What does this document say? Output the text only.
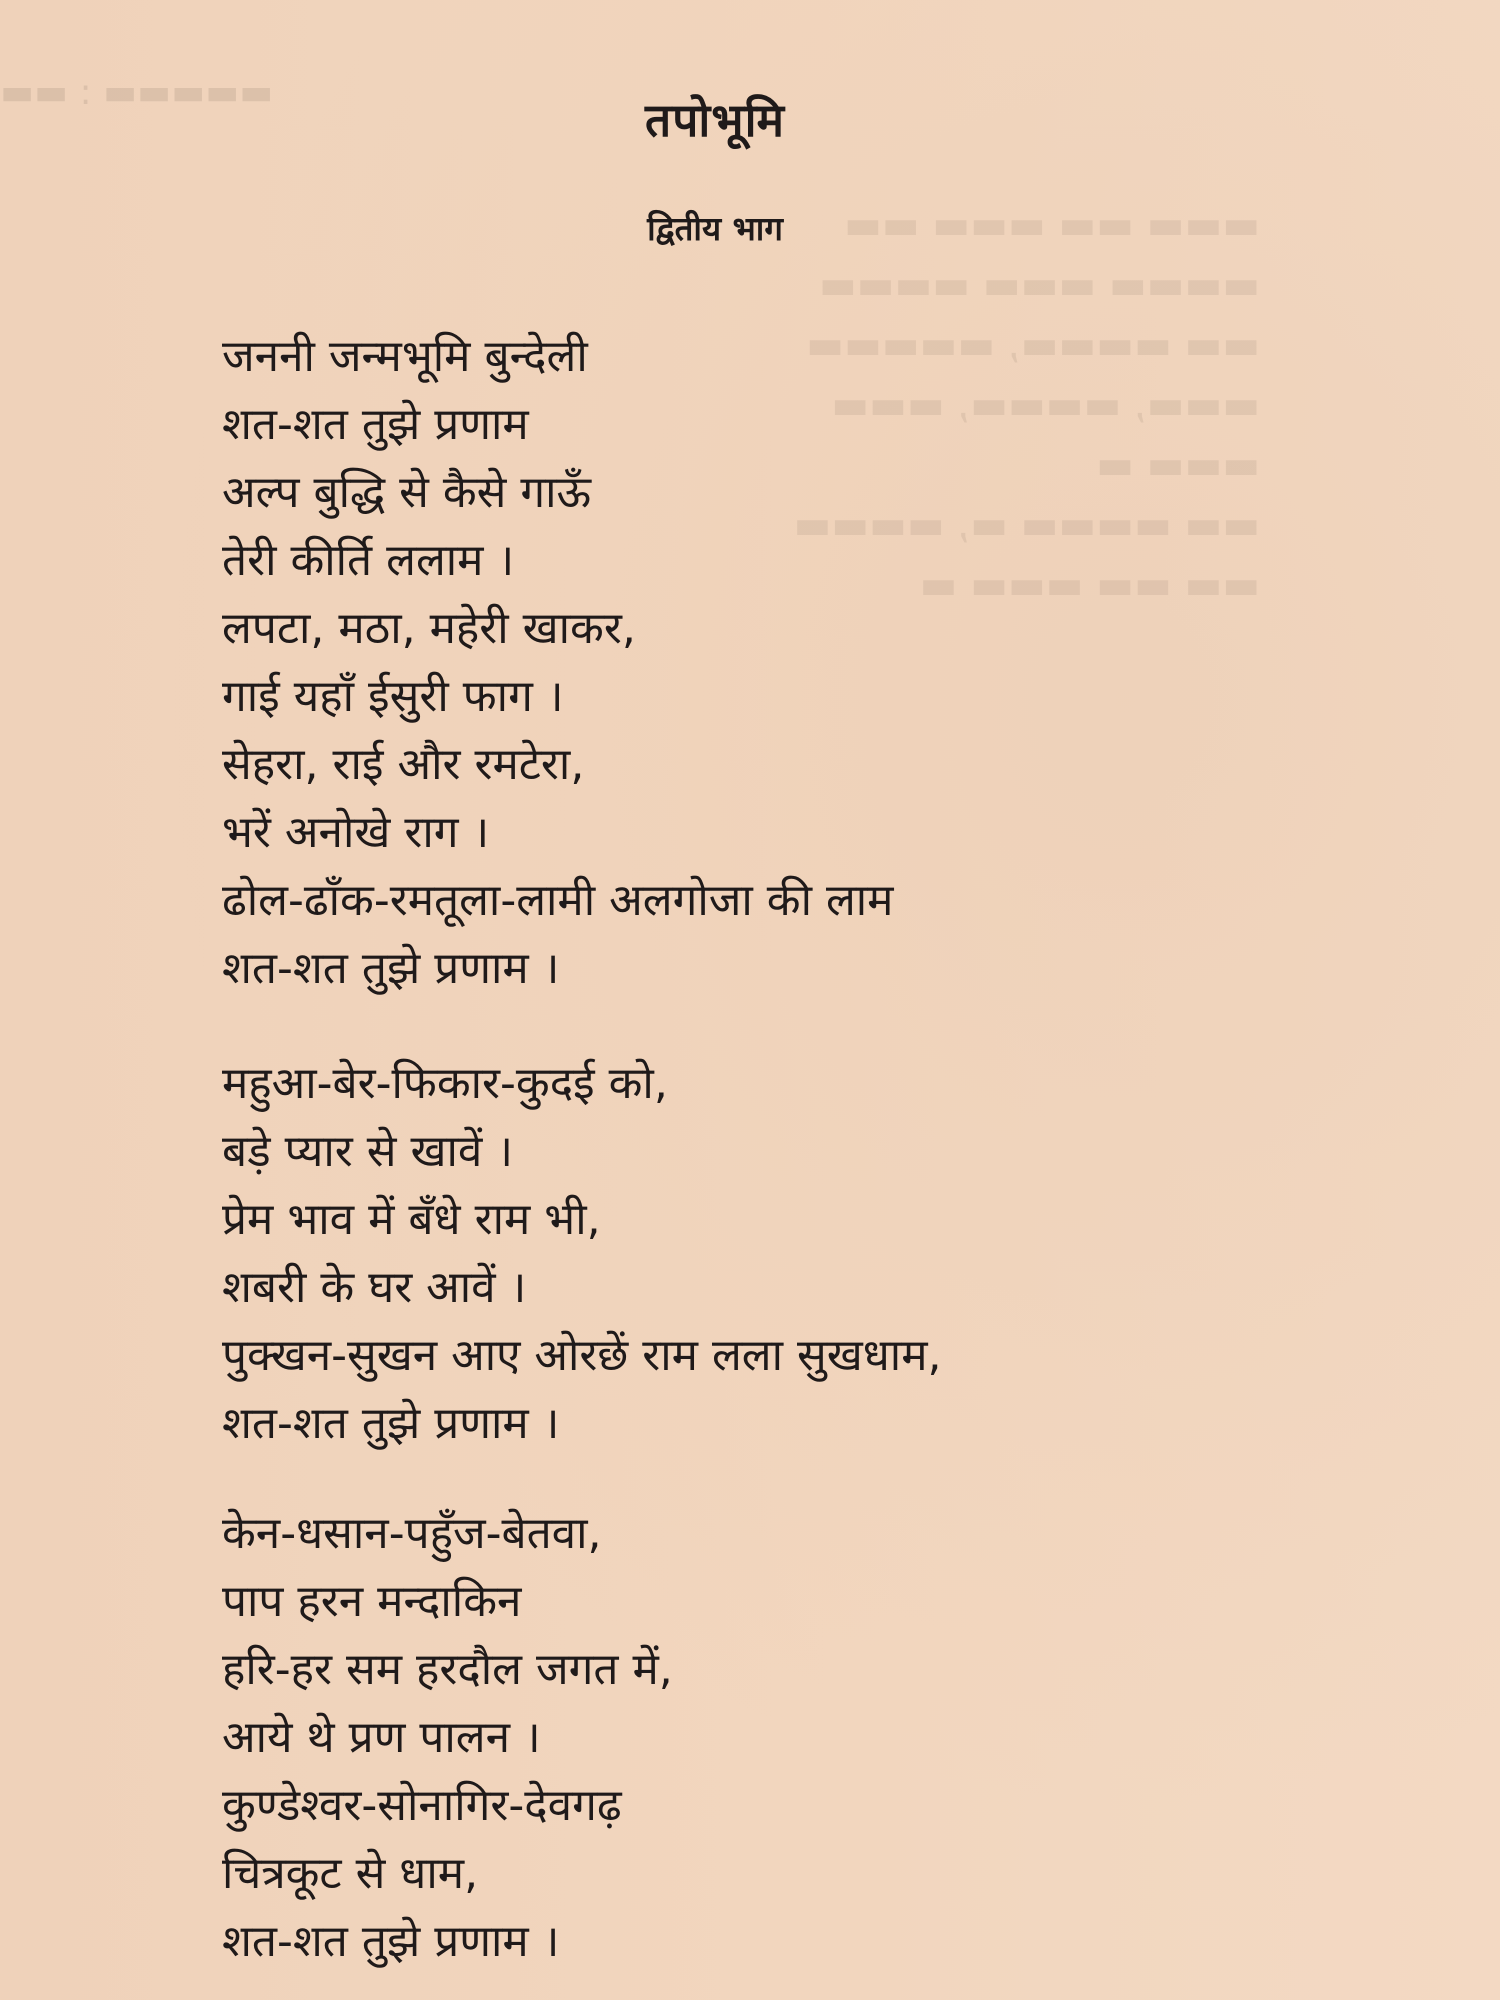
▬▬▬ ▬▬ ▬▬▬ ▬▬
▬▬▬▬ ▬▬▬ ▬▬▬▬
▬▬ ▬▬▬▬, ▬▬▬▬▬
▬▬▬, ▬▬▬▬, ▬▬▬
▬▬▬ ▬
▬▬ ▬▬▬▬ ▬, ▬▬▬▬
▬▬ ▬▬ ▬▬▬ ▬
▬▬ : ▬▬▬▬▬
तपोभूमि
द्वितीय भाग
जननी जन्मभूमि बुन्देली
शत-शत तुझे प्रणाम
अल्प बुद्धि से कैसे गाऊँ
तेरी कीर्ति ललाम ।
लपटा, मठा, महेरी खाकर,
गाई यहाँ ईसुरी फाग ।
सेहरा, राई और रमटेरा,
भरें अनोखे राग ।
ढोल-ढाँक-रमतूला-लामी अलगोजा की लाम
शत-शत तुझे प्रणाम ।
महुआ-बेर-फिकार-कुदई को,
बड़े प्यार से खावें ।
प्रेम भाव में बँधे राम भी,
शबरी के घर आवें ।
पुक्खन-सुखन आए ओरछें राम लला सुखधाम,
शत-शत तुझे प्रणाम ।
केन-धसान-पहुँज-बेतवा,
पाप हरन मन्दाकिन
हरि-हर सम हरदौल जगत में,
आये थे प्रण पालन ।
कुण्डेश्वर-सोनागिर-देवगढ़
चित्रकूट से धाम,
शत-शत तुझे प्रणाम ।
